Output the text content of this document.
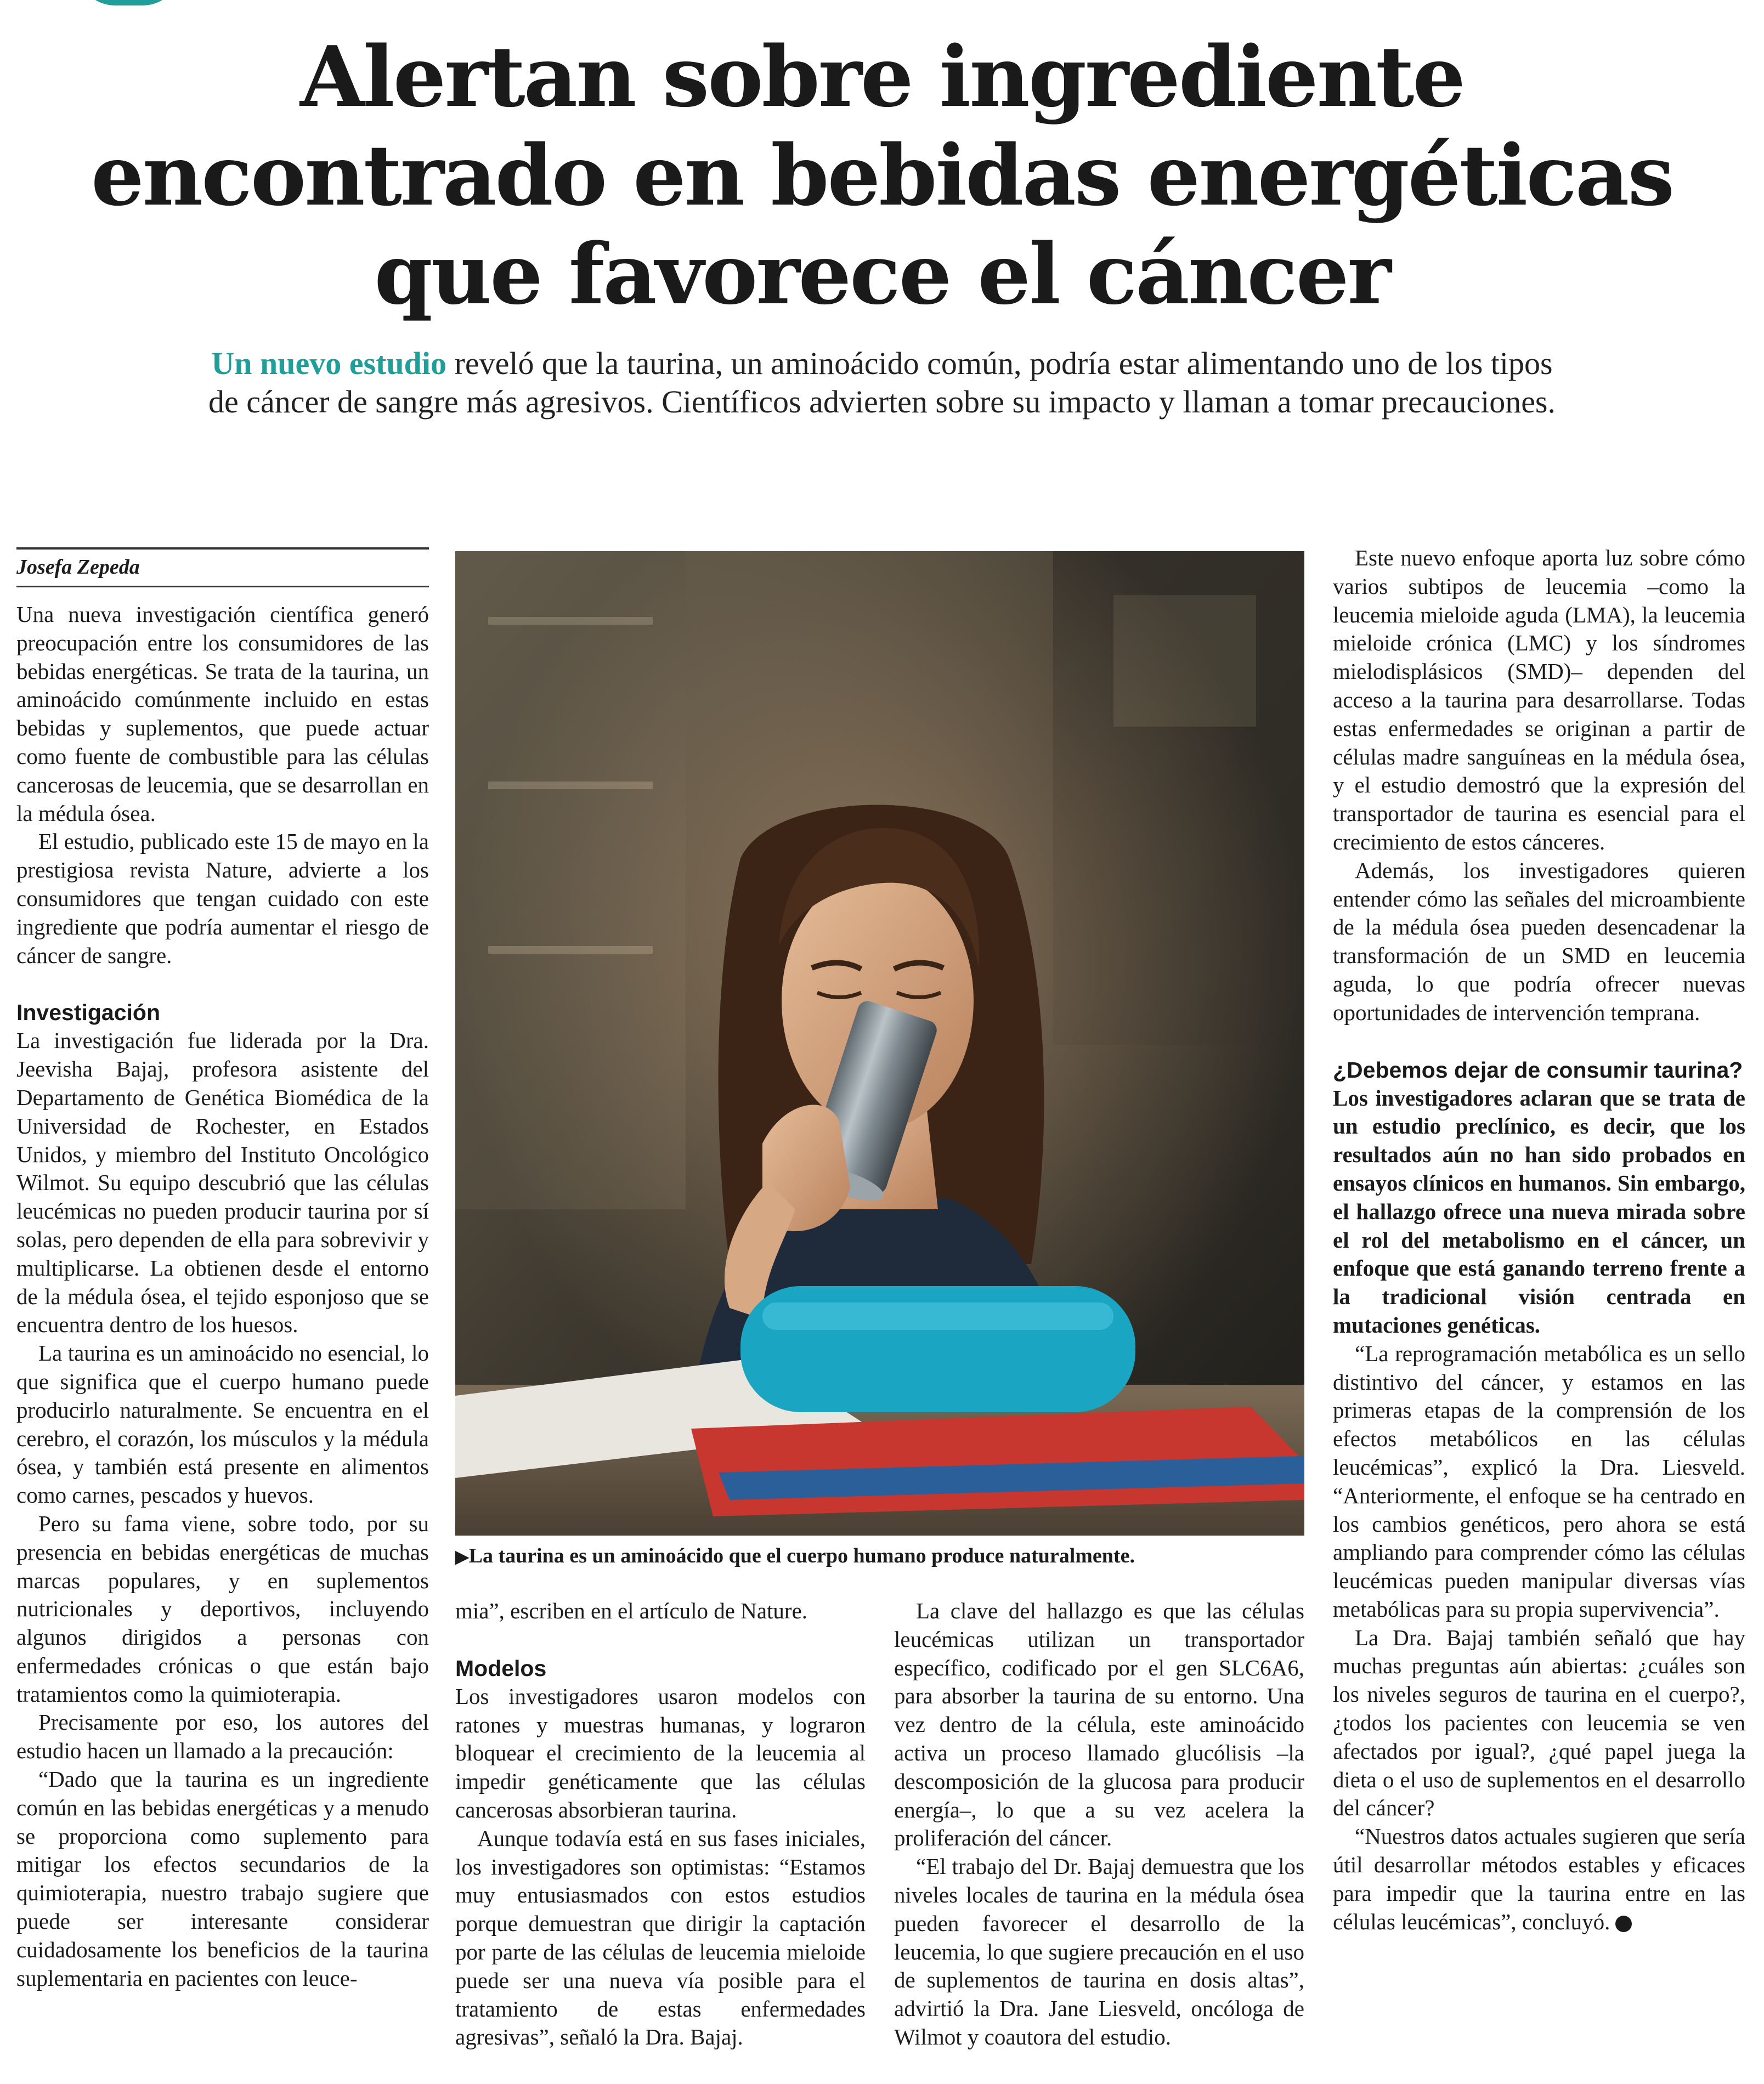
Alertan sobre ingrediente
encontrado en bebidas energéticas
que favorece el cáncer
Un nuevo estudio reveló que la taurina, un aminoácido común, podría estar alimentando uno de los tipos
de cáncer de sangre más agresivos. Científicos advierten sobre su impacto y llaman a tomar precauciones.
Josefa Zepeda

Una nueva investigación científica generó preocupación entre los consumidores de las bebidas energéticas. Se trata de la taurina, un aminoácido comúnmente incluido en estas bebidas y suplementos, que puede actuar como fuente de combustible para las células cancerosas de leucemia, que se desarrollan en la médula ósea.

El estudio, publicado este 15 de mayo en la prestigiosa revista Nature, advierte a los consumidores que tengan cuidado con este ingrediente que podría aumentar el riesgo de cáncer de sangre.

Investigación

La investigación fue liderada por la Dra. Jeevisha Bajaj, profesora asistente del Departamento de Genética Biomédica de la Universidad de Rochester, en Estados Unidos, y miembro del Instituto Oncológico Wilmot. Su equipo descubrió que las células leucémicas no pueden producir taurina por sí solas, pero dependen de ella para sobrevivir y multiplicarse. La obtienen desde el entorno de la médula ósea, el tejido esponjoso que se encuentra dentro de los huesos.

La taurina es un aminoácido no esencial, lo que significa que el cuerpo humano puede producirlo naturalmente. Se encuentra en el cerebro, el corazón, los músculos y la médula ósea, y también está presente en alimentos como carnes, pescados y huevos.

Pero su fama viene, sobre todo, por su presencia en bebidas energéticas de muchas marcas populares, y en suplementos nutricionales y deportivos, incluyendo algunos dirigidos a personas con enfermedades crónicas o que están bajo tratamientos como la quimioterapia.

Precisamente por eso, los autores del estudio hacen un llamado a la precaución:

“Dado que la taurina es un ingrediente común en las bebidas energéticas y a menudo se proporciona como suplemento para mitigar los efectos secundarios de la quimioterapia, nuestro trabajo sugiere que puede ser interesante considerar cuidadosamente los beneficios de la taurina suplementaria en pacientes con leuce-

▶La taurina es un aminoácido que el cuerpo humano produce naturalmente.

mia”, escriben en el artículo de Nature.

Modelos

Los investigadores usaron modelos con ratones y muestras humanas, y lograron bloquear el crecimiento de la leucemia al impedir genéticamente que las células cancerosas absorbieran taurina.

Aunque todavía está en sus fases iniciales, los investigadores son optimistas: “Estamos muy entusiasmados con estos estudios porque demuestran que dirigir la captación por parte de las células de leucemia mieloide puede ser una nueva vía posible para el tratamiento de estas enfermedades agresivas”, señaló la Dra. Bajaj.

La clave del hallazgo es que las células leucémicas utilizan un transportador específico, codificado por el gen SLC6A6, para absorber la taurina de su entorno. Una vez dentro de la célula, este aminoácido activa un proceso llamado glucólisis –la descomposición de la glucosa para producir energía–, lo que a su vez acelera la proliferación del cáncer.

“El trabajo del Dr. Bajaj demuestra que los niveles locales de taurina en la médula ósea pueden favorecer el desarrollo de la leucemia, lo que sugiere precaución en el uso de suplementos de taurina en dosis altas”, advirtió la Dra. Jane Liesveld, oncóloga de Wilmot y coautora del estudio.

Este nuevo enfoque aporta luz sobre cómo varios subtipos de leucemia –como la leucemia mieloide aguda (LMA), la leucemia mieloide crónica (LMC) y los síndromes mielodisplásicos (SMD)– dependen del acceso a la taurina para desarrollarse. Todas estas enfermedades se originan a partir de células madre sanguíneas en la médula ósea, y el estudio demostró que la expresión del transportador de taurina es esencial para el crecimiento de estos cánceres.

Además, los investigadores quieren entender cómo las señales del microambiente de la médula ósea pueden desencadenar la transformación de un SMD en leucemia aguda, lo que podría ofrecer nuevas oportunidades de intervención temprana.

¿Debemos dejar de consumir taurina?

Los investigadores aclaran que se trata de un estudio preclínico, es decir, que los resultados aún no han sido probados en ensayos clínicos en humanos. Sin embargo, el hallazgo ofrece una nueva mirada sobre el rol del metabolismo en el cáncer, un enfoque que está ganando terreno frente a la tradicional visión centrada en mutaciones genéticas.

“La reprogramación metabólica es un sello distintivo del cáncer, y estamos en las primeras etapas de la comprensión de los efectos metabólicos en las células leucémicas”, explicó la Dra. Liesveld. “Anteriormente, el enfoque se ha centrado en los cambios genéticos, pero ahora se está ampliando para comprender cómo las células leucémicas pueden manipular diversas vías metabólicas para su propia supervivencia”.

La Dra. Bajaj también señaló que hay muchas preguntas aún abiertas: ¿cuáles son los niveles seguros de taurina en el cuerpo?, ¿todos los pacientes con leucemia se ven afectados por igual?, ¿qué papel juega la dieta o el uso de suplementos en el desarrollo del cáncer?

“Nuestros datos actuales sugieren que sería útil desarrollar métodos estables y eficaces para impedir que la taurina entre en las células leucémicas”, concluyó.
